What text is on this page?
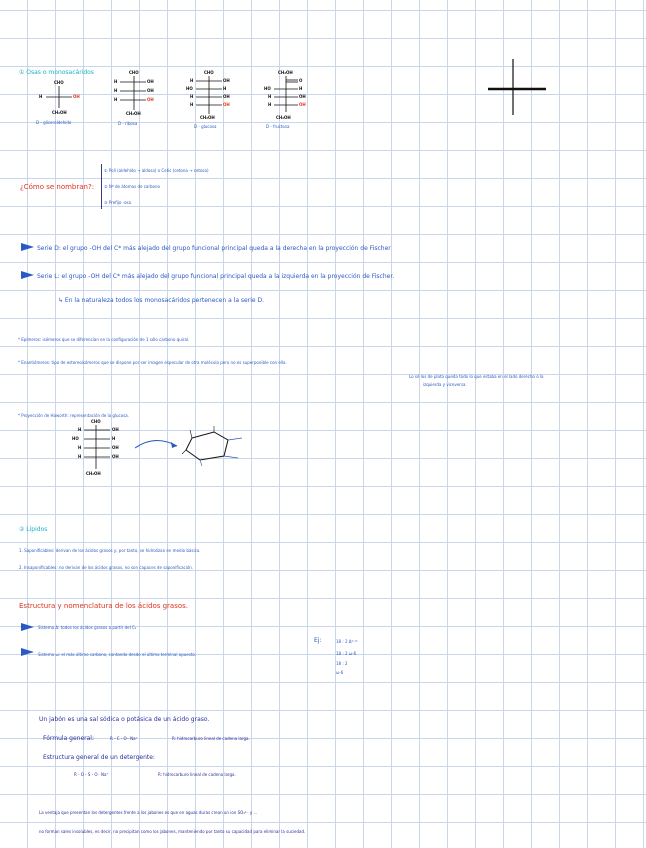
① Osas o monosacáridos
CHO
H	OH
CH₂OH
D - gliceraldehído
CHO
H	OH
H	OH
H	OH
CH₂OH
D - ribosa
CHO
H	OH
HO	H
H	OH
H	OH
CH₂OH
D - glucosa
CH₂OH
O
HO	H
H	OH
H	OH
CH₂OH
D - fructosa
¿Cómo se nombran?:
① Poli (aldehído → aldosa) o Cetis (cetona → cetosa)
② Nº de átomos de carbono
③ Prefijo -osa
Serie D: el grupo -OH del C* más alejado del grupo funcional principal queda a la derecha en la proyección de Fischer
Serie L: el grupo -OH del C* más alejado del grupo funcional principal queda a la izquierda en la proyección de Fischer.
↳ En la naturaleza todos los monosacáridos pertenecen a la serie D.
* Epímeros: isómeros que se diferencian en la configuración de 1 sólo carbono quiral.
* Enantiómeros: tipo de estereoisómeros que se dispone por ser imagen especular de otra molécula pero no es superponible con ella.
Lo sé los de plata queda todo lo que estaba en el lado derecho o la
izquierda y viceversa.
* Proyección de Haworth: representación de la glucosa.
CHO
H	OH
HO	H
H	OH
H	OH
CH₂OH
② Lípidos
1. Saponificables: derivan de los ácidos grasos y, por tanto, se hidrolizan en medio básico.
2. Insaponificables: no derivan de los ácidos grasos, no son capaces de saponificación.
Estructura y nomenclatura de los ácidos grasos.
Sistema Δ: todos los ácidos grasos a partir del C₁
Sistema ω: el más último carbono, contando desde el último terminal opuesto.
Ej:	18 : 2 Δ⁹·¹²
18 : 2 ω-6
18 : 2
ω-6
Un jabón es una sal sódica o potásica de un ácido graso.
Fórmula general:	R - C - O⁻ Na⁺	R: hidrocarburo lineal de cadena larga.
Estructura general de un detergente:
R - O - S - O⁻ Na⁺	R: hidrocarburo lineal de cadena larga.
La ventaja que presentan los detergentes frente a los jabones es que en aguas duras crean un ion SO₃²⁻ y ...
no forman sales insolubles, es decir, no precipitan como los jabones, manteniendo por tanto su capacidad para eliminar la suciedad.
